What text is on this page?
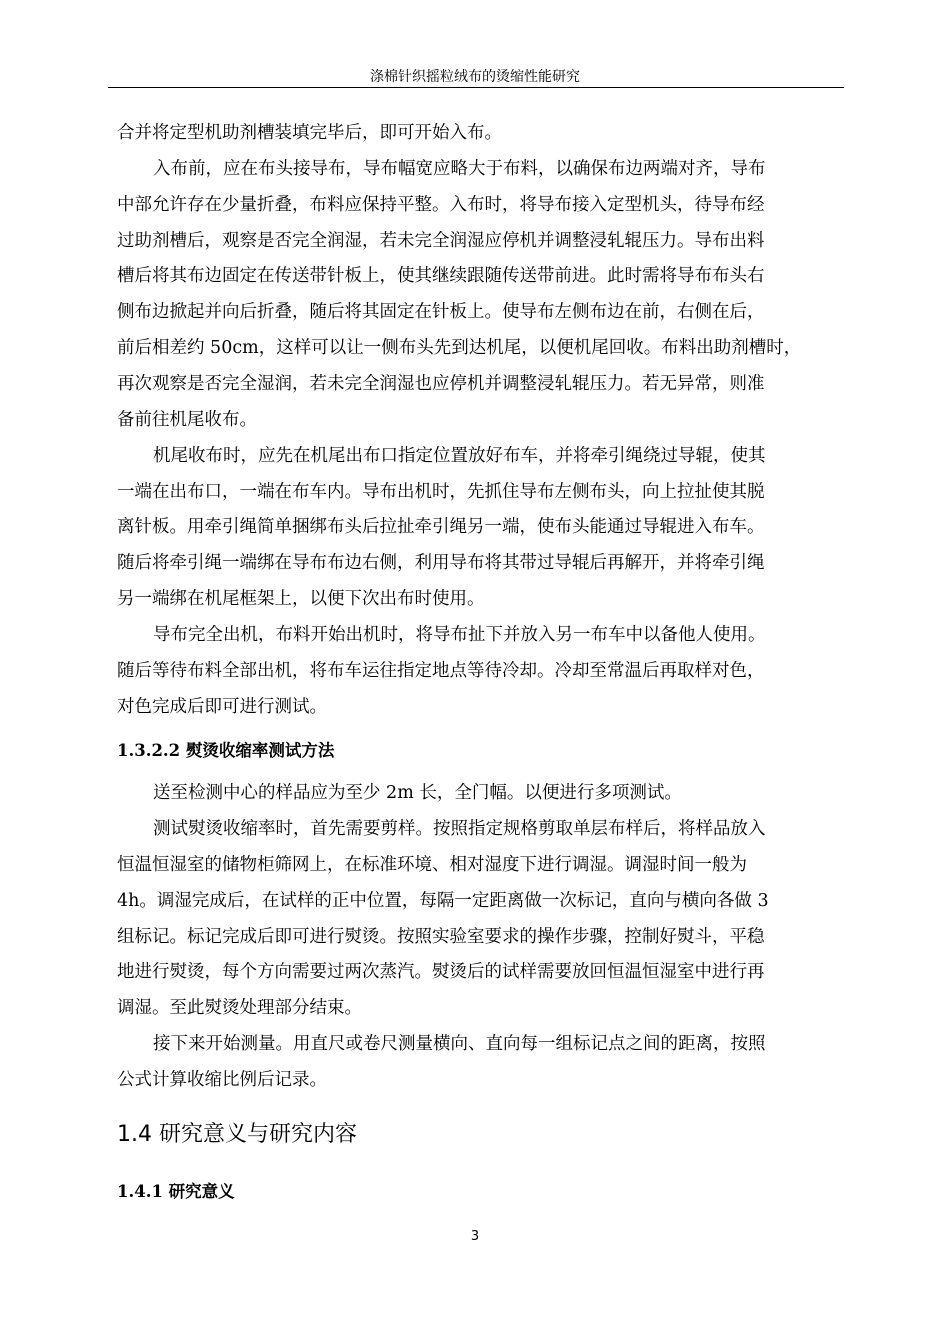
涤棉针织摇粒绒布的烫缩性能研究
合并将定型机助剂槽装填完毕后，即可开始入布。
入布前，应在布头接导布，导布幅宽应略大于布料，以确保布边两端对齐，导布
中部允许存在少量折叠，布料应保持平整。入布时，将导布接入定型机头，待导布经
过助剂槽后，观察是否完全润湿，若未完全润湿应停机并调整浸轧辊压力。导布出料
槽后将其布边固定在传送带针板上，使其继续跟随传送带前进。此时需将导布布头右
侧布边掀起并向后折叠，随后将其固定在针板上。使导布左侧布边在前，右侧在后，
前后相差约 50cm，这样可以让一侧布头先到达机尾，以便机尾回收。布料出助剂槽时，
再次观察是否完全湿润，若未完全润湿也应停机并调整浸轧辊压力。若无异常，则准
备前往机尾收布。
机尾收布时，应先在机尾出布口指定位置放好布车，并将牵引绳绕过导辊，使其
一端在出布口，一端在布车内。导布出机时，先抓住导布左侧布头，向上拉扯使其脱
离针板。用牵引绳简单捆绑布头后拉扯牵引绳另一端，使布头能通过导辊进入布车。
随后将牵引绳一端绑在导布布边右侧，利用导布将其带过导辊后再解开，并将牵引绳
另一端绑在机尾框架上，以便下次出布时使用。
导布完全出机，布料开始出机时，将导布扯下并放入另一布车中以备他人使用。
随后等待布料全部出机，将布车运往指定地点等待冷却。冷却至常温后再取样对色，
对色完成后即可进行测试。
1.3.2.2 熨烫收缩率测试方法
送至检测中心的样品应为至少 2m 长，全门幅。以便进行多项测试。
测试熨烫收缩率时，首先需要剪样。按照指定规格剪取单层布样后，将样品放入
恒温恒湿室的储物柜筛网上，在标准环境、相对湿度下进行调湿。调湿时间一般为
4h。调湿完成后，在试样的正中位置，每隔一定距离做一次标记，直向与横向各做 3
组标记。标记完成后即可进行熨烫。按照实验室要求的操作步骤，控制好熨斗，平稳
地进行熨烫，每个方向需要过两次蒸汽。熨烫后的试样需要放回恒温恒湿室中进行再
调湿。至此熨烫处理部分结束。
接下来开始测量。用直尺或卷尺测量横向、直向每一组标记点之间的距离，按照
公式计算收缩比例后记录。
1.4 研究意义与研究内容
1.4.1 研究意义
3
